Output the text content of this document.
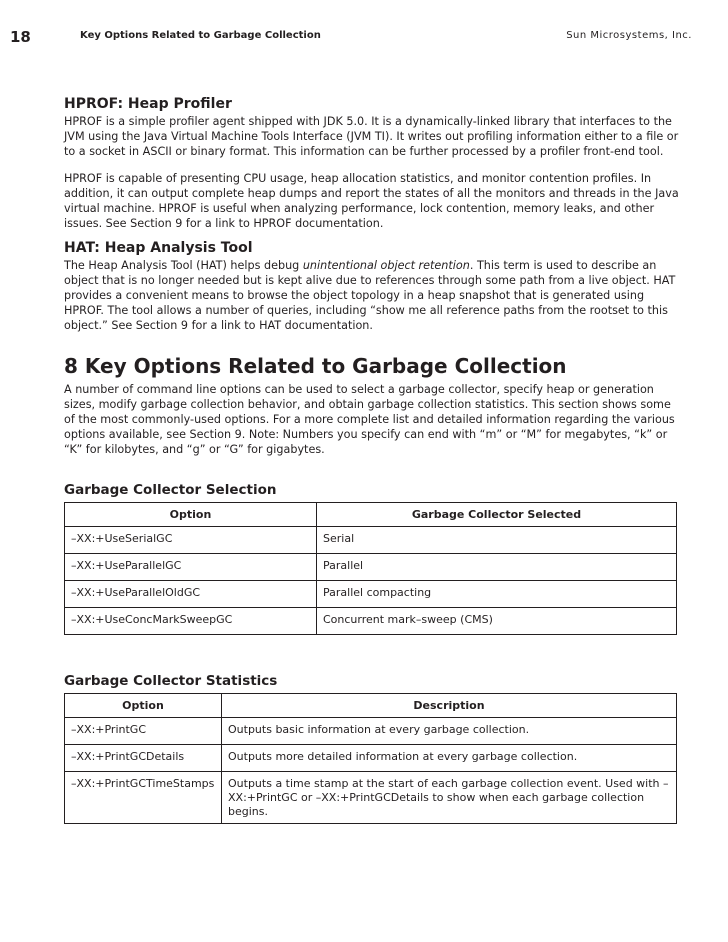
18	Key Options Related to Garbage Collection	Sun Microsystems, Inc.
HPROF: Heap Profiler

HPROF is a simple profiler agent shipped with JDK 5.0. It is a dynamically-linked library that interfaces to the JVM using the Java Virtual Machine Tools Interface (JVM TI). It writes out profiling information either to a file or to a socket in ASCII or binary format. This information can be further processed by a profiler front-end tool.

HPROF is capable of presenting CPU usage, heap allocation statistics, and monitor contention profiles. In addition, it can output complete heap dumps and report the states of all the monitors and threads in the Java virtual machine. HPROF is useful when analyzing performance, lock contention, memory leaks, and other issues. See Section 9 for a link to HPROF documentation.

HAT: Heap Analysis Tool

The Heap Analysis Tool (HAT) helps debug unintentional object retention. This term is used to describe an object that is no longer needed but is kept alive due to references through some path from a live object. HAT provides a convenient means to browse the object topology in a heap snapshot that is generated using HPROF. The tool allows a number of queries, including “show me all reference paths from the rootset to this object.” See Section 9 for a link to HAT documentation.

8 Key Options Related to Garbage Collection

A number of command line options can be used to select a garbage collector, specify heap or generation sizes, modify garbage collection behavior, and obtain garbage collection statistics. This section shows some of the most commonly-used options. For a more complete list and detailed information regarding the various options available, see Section 9. Note: Numbers you specify can end with “m” or “M” for megabytes, “k” or “K” for kilobytes, and “g” or “G” for gigabytes.

Garbage Collector Selection
Option	Garbage Collector Selected
–XX:+UseSerialGC	Serial
–XX:+UseParallelGC	Parallel
–XX:+UseParallelOldGC	Parallel compacting
–XX:+UseConcMarkSweepGC	Concurrent mark–sweep (CMS)
Garbage Collector Statistics
Option	Description
–XX:+PrintGC	Outputs basic information at every garbage collection.
–XX:+PrintGCDetails	Outputs more detailed information at every garbage collection.
–XX:+PrintGCTimeStamps	Outputs a time stamp at the start of each garbage collection event. Used with –XX:+PrintGC or –XX:+PrintGCDetails to show when each garbage collection begins.
